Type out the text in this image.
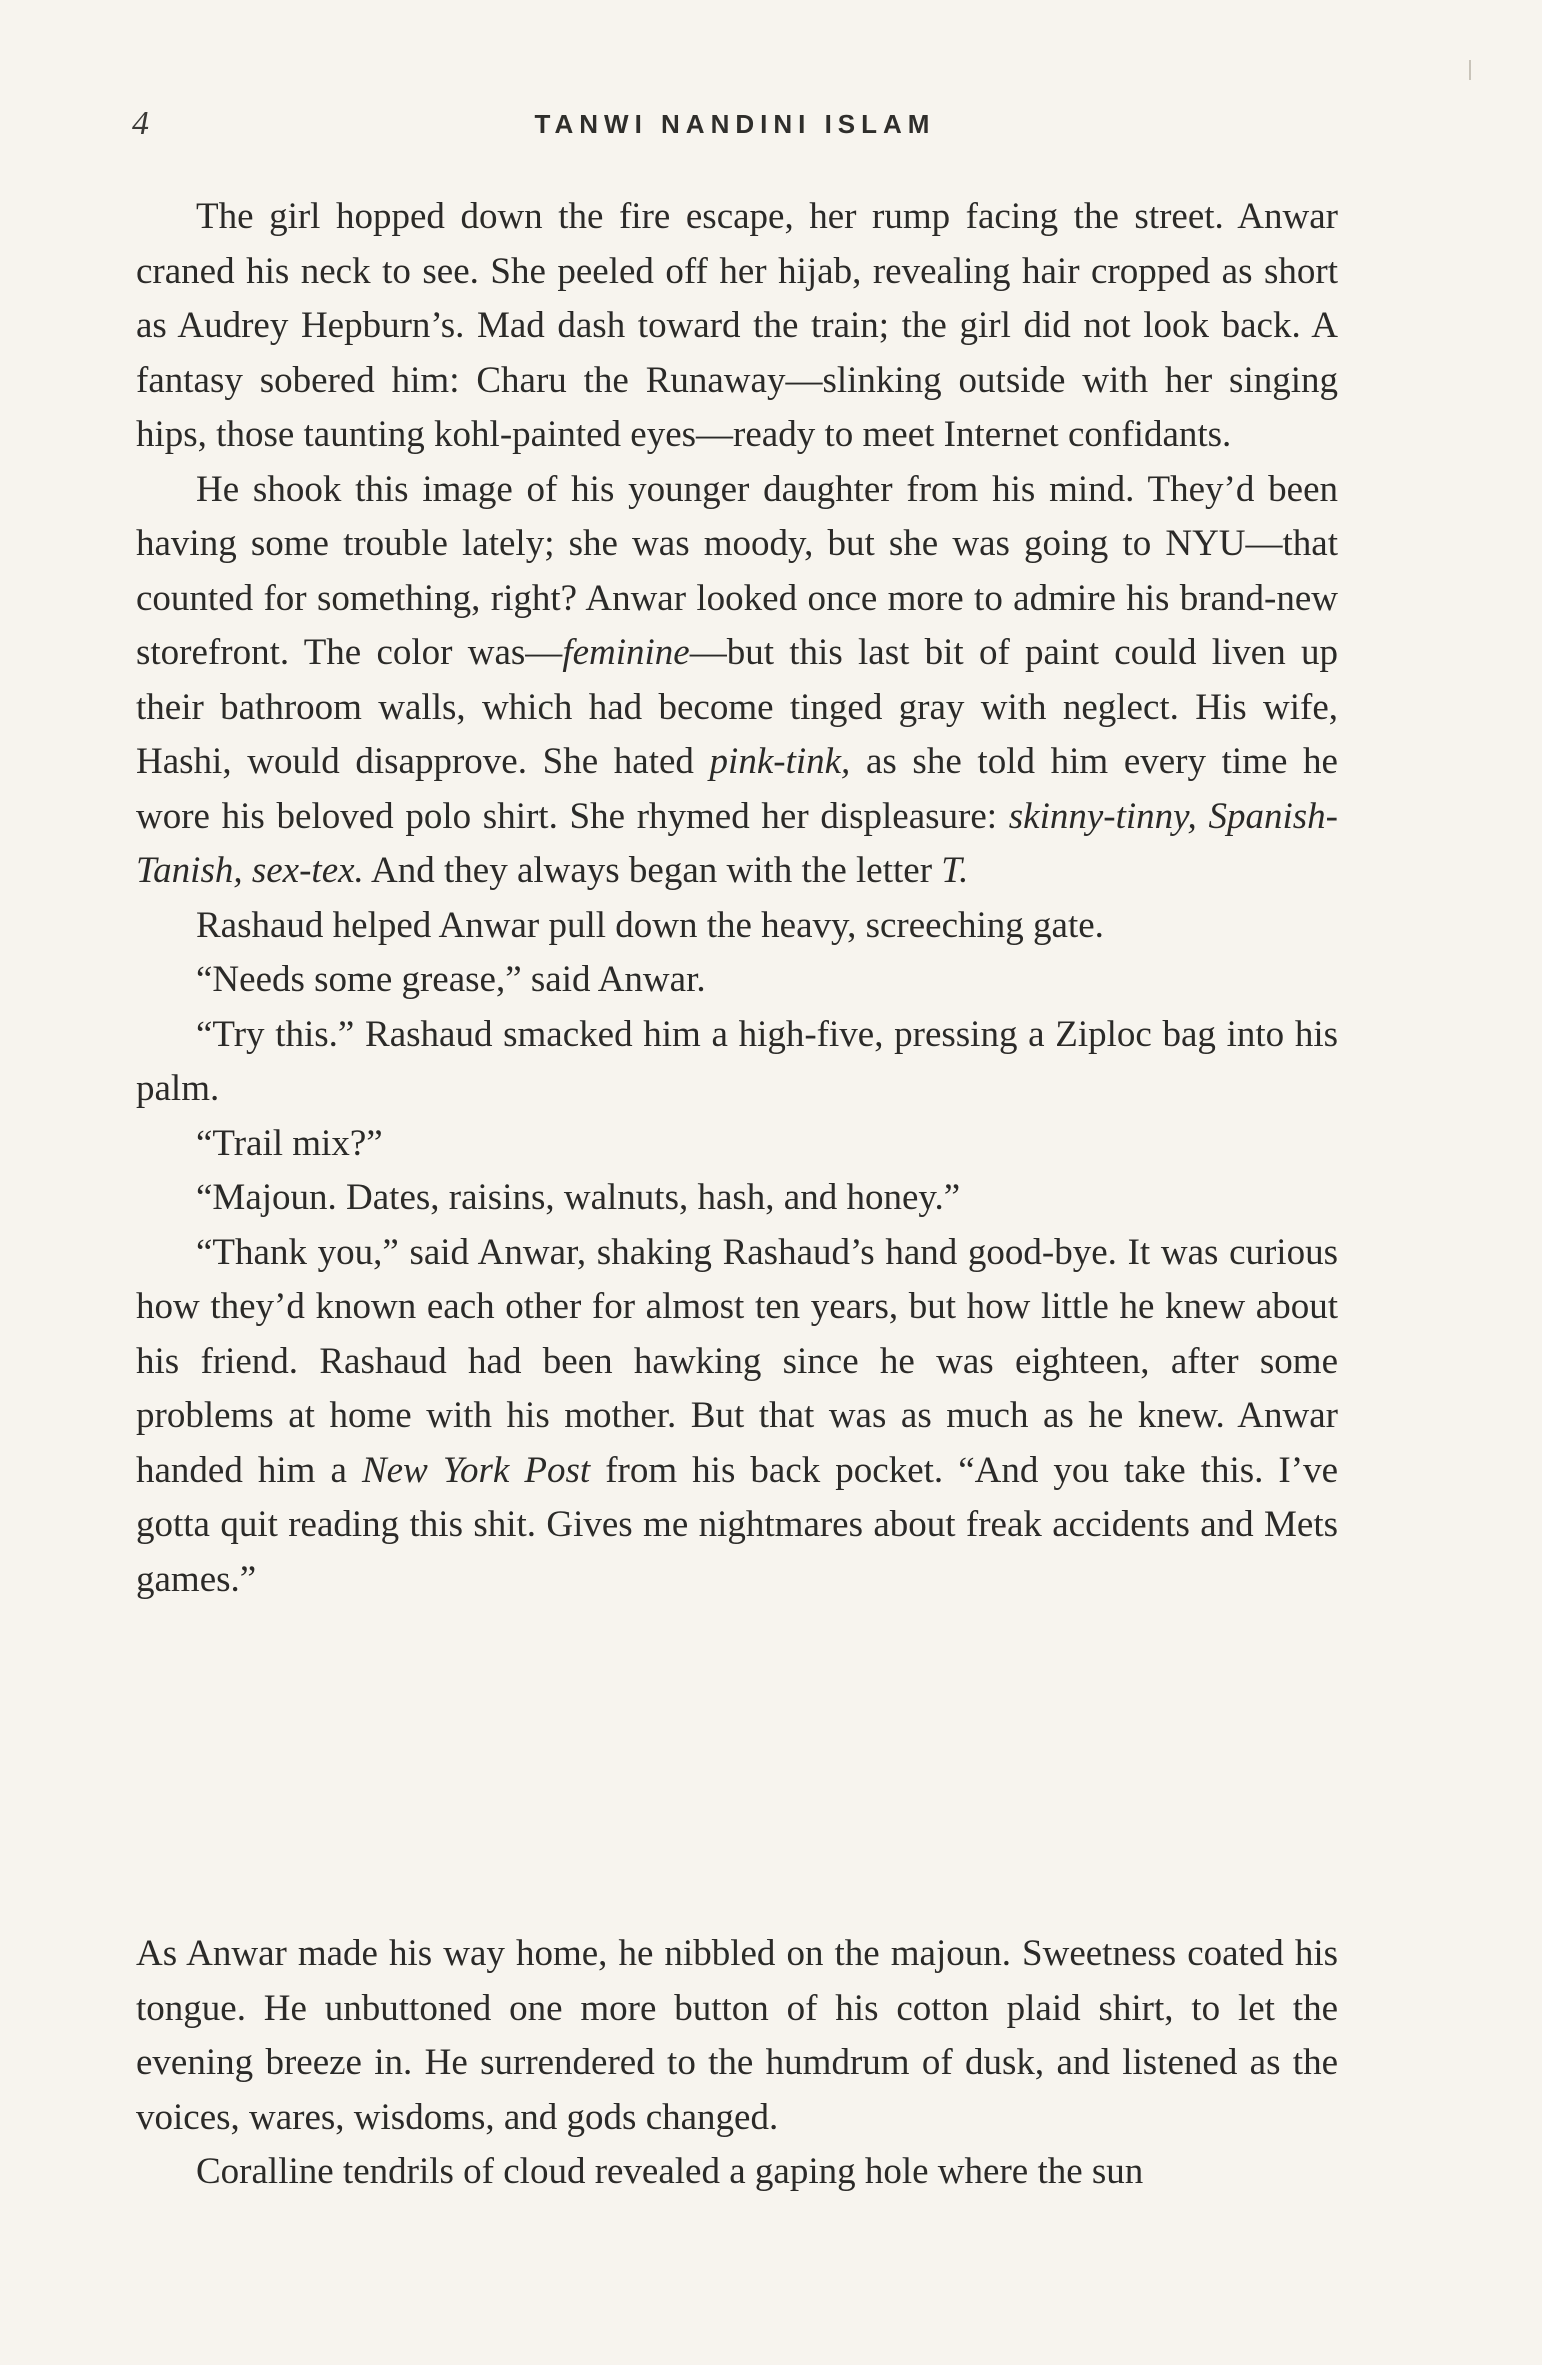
4	TANWI NANDINI ISLAM

The girl hopped down the fire escape, her rump facing the street. Anwar craned his neck to see. She peeled off her hijab, revealing hair cropped as short as Audrey Hepburn’s. Mad dash toward the train; the girl did not look back. A fantasy sobered him: Charu the Runaway—slinking outside with her singing hips, those taunting kohl-painted eyes—ready to meet Internet confidants.

He shook this image of his younger daughter from his mind. They’d been having some trouble lately; she was moody, but she was going to NYU—that counted for something, right? Anwar looked once more to admire his brand-new storefront. The color was—feminine—but this last bit of paint could liven up their bathroom walls, which had become tinged gray with neglect. His wife, Hashi, would disapprove. She hated pink-tink, as she told him every time he wore his beloved polo shirt. She rhymed her displeasure: skinny-tinny, Spanish-Tanish, sex-tex. And they always began with the letter T.

Rashaud helped Anwar pull down the heavy, screeching gate.

“Needs some grease,” said Anwar.

“Try this.” Rashaud smacked him a high-five, pressing a Ziploc bag into his palm.

“Trail mix?”

“Majoun. Dates, raisins, walnuts, hash, and honey.”

“Thank you,” said Anwar, shaking Rashaud’s hand good-bye. It was curious how they’d known each other for almost ten years, but how little he knew about his friend. Rashaud had been hawking since he was eighteen, after some problems at home with his mother. But that was as much as he knew. Anwar handed him a New York Post from his back pocket. “And you take this. I’ve gotta quit reading this shit. Gives me nightmares about freak accidents and Mets games.”

As Anwar made his way home, he nibbled on the majoun. Sweetness coated his tongue. He unbuttoned one more button of his cotton plaid shirt, to let the evening breeze in. He surrendered to the humdrum of dusk, and listened as the voices, wares, wisdoms, and gods changed.

Coralline tendrils of cloud revealed a gaping hole where the sun
